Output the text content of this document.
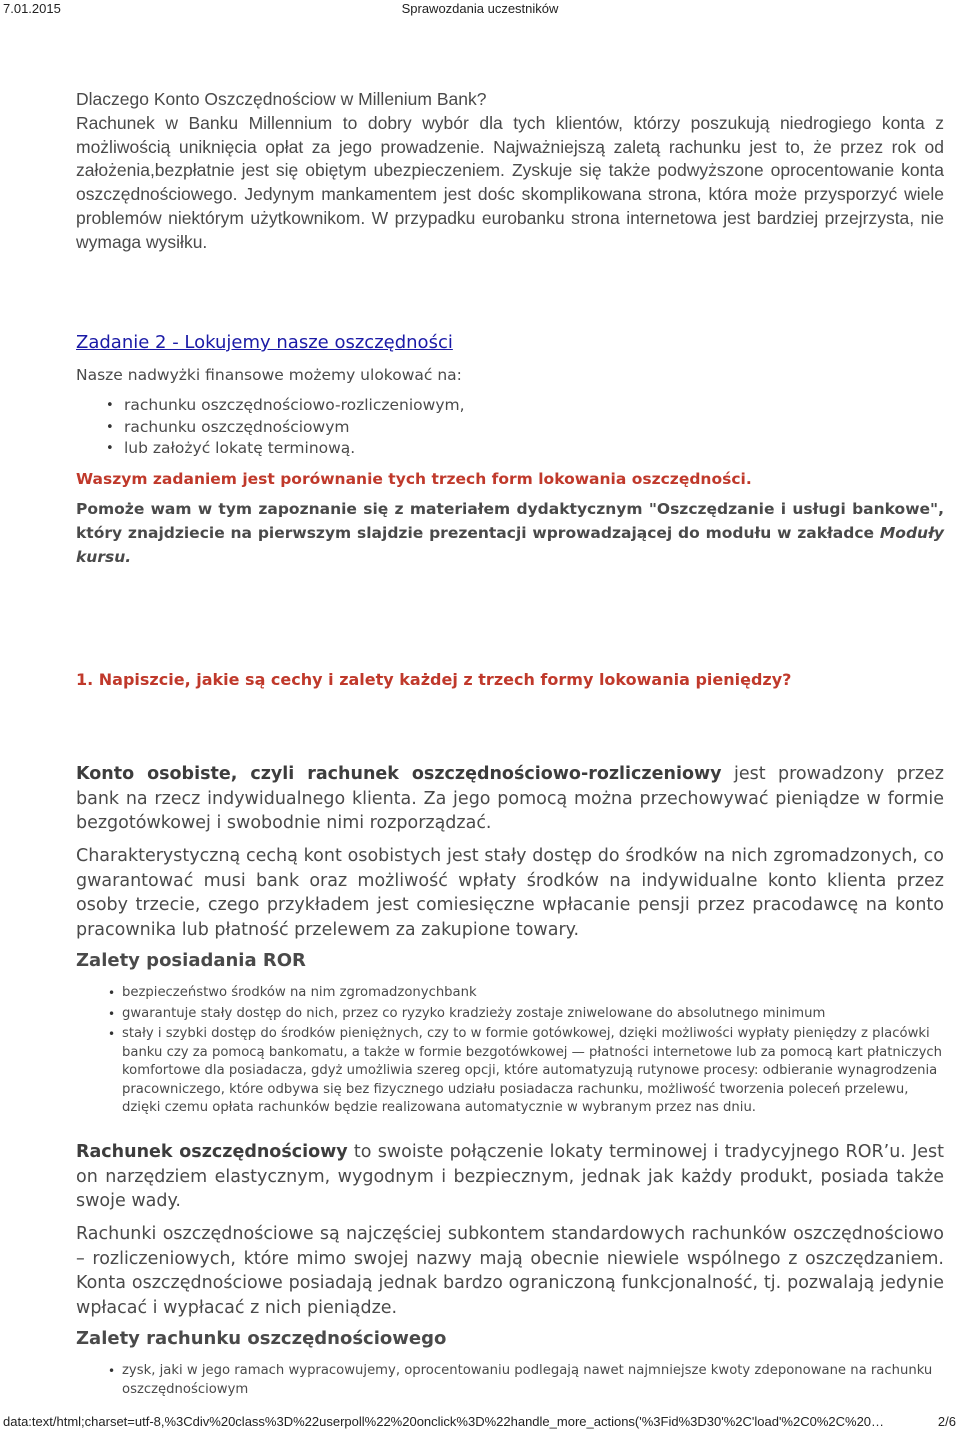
7.01.2015	Sprawozdania uczestników
Dlaczego Konto Oszczędnościow w Millenium Bank?
Rachunek w Banku Millennium to dobry wybór dla tych klientów, którzy poszukują niedrogiego konta z możliwością uniknięcia opłat za jego prowadzenie. Najważniejszą zaletą rachunku jest to, że przez rok od założenia,bezpłatnie jest się obiętym ubezpieczeniem. Zyskuje się także podwyższone oprocentowanie konta oszczędnościowego. Jedynym mankamentem jest dośc skomplikowana strona, która może przysporzyć wiele problemów niektórym użytkownikom. W przypadku eurobanku strona internetowa jest bardziej przejrzysta, nie wymaga wysiłku.
Zadanie 2 - Lokujemy nasze oszczędności
Nasze nadwyżki finansowe możemy ulokować na:
• rachunku oszczędnościowo-rozliczeniowym,
• rachunku oszczędnościowym
• lub założyć lokatę terminową.
Waszym zadaniem jest porównanie tych trzech form lokowania oszczędności.
Pomoże wam w tym zapoznanie się z materiałem dydaktycznym "Oszczędzanie i usługi bankowe", który znajdziecie na pierwszym slajdzie prezentacji wprowadzającej do modułu w zakładce Moduły kursu.
1. Napiszcie, jakie są cechy i zalety każdej z trzech formy lokowania pieniędzy?
Konto osobiste, czyli rachunek oszczędnościowo-rozliczeniowy jest prowadzony przez bank na rzecz indywidualnego klienta. Za jego pomocą można przechowywać pieniądze w formie bezgotówkowej i swobodnie nimi rozporządzać.
Charakterystyczną cechą kont osobistych jest stały dostęp do środków na nich zgromadzonych, co gwarantować musi bank oraz możliwość wpłaty środków na indywidualne konto klienta przez osoby trzecie, czego przykładem jest comiesięczne wpłacanie pensji przez pracodawcę na konto pracownika lub płatność przelewem za zakupione towary.
Zalety posiadania ROR
• bezpieczeństwo środków na nim zgromadzonychbank
• gwarantuje stały dostęp do nich, przez co ryzyko kradzieży zostaje zniwelowane do absolutnego minimum
• stały i szybki dostęp do środków pieniężnych, czy to w formie gotówkowej, dzięki możliwości wypłaty pieniędzy z placówki banku czy za pomocą bankomatu, a także w formie bezgotówkowej — płatności internetowe lub za pomocą kart płatniczych komfortowe dla posiadacza, gdyż umożliwia szereg opcji, które automatyzują rutynowe procesy: odbieranie wynagrodzenia pracowniczego, które odbywa się bez fizycznego udziału posiadacza rachunku, możliwość tworzenia poleceń przelewu, dzięki czemu opłata rachunków będzie realizowana automatycznie w wybranym przez nas dniu.
Rachunek oszczędnościowy to swoiste połączenie lokaty terminowej i tradycyjnego ROR’u. Jest on narzędziem elastycznym, wygodnym i bezpiecznym, jednak jak każdy produkt, posiada także swoje wady.
Rachunki oszczędnościowe są najczęściej subkontem standardowych rachunków oszczędnościowo – rozliczeniowych, które mimo swojej nazwy mają obecnie niewiele wspólnego z oszczędzaniem. Konta oszczędnościowe posiadają jednak bardzo ograniczoną funkcjonalność, tj. pozwalają jedynie wpłacać i wypłacać z nich pieniądze.
Zalety rachunku oszczędnościowego
• zysk, jaki w jego ramach wypracowujemy, oprocentowaniu podlegają nawet najmniejsze kwoty zdeponowane na rachunku oszczędnościowym
data:text/html;charset=utf-8,%3Cdiv%20class%3D%22userpoll%22%20onclick%3D%22handle_more_actions('%3Fid%3D30'%2C'load'%2C0%2C%20…	2/6
